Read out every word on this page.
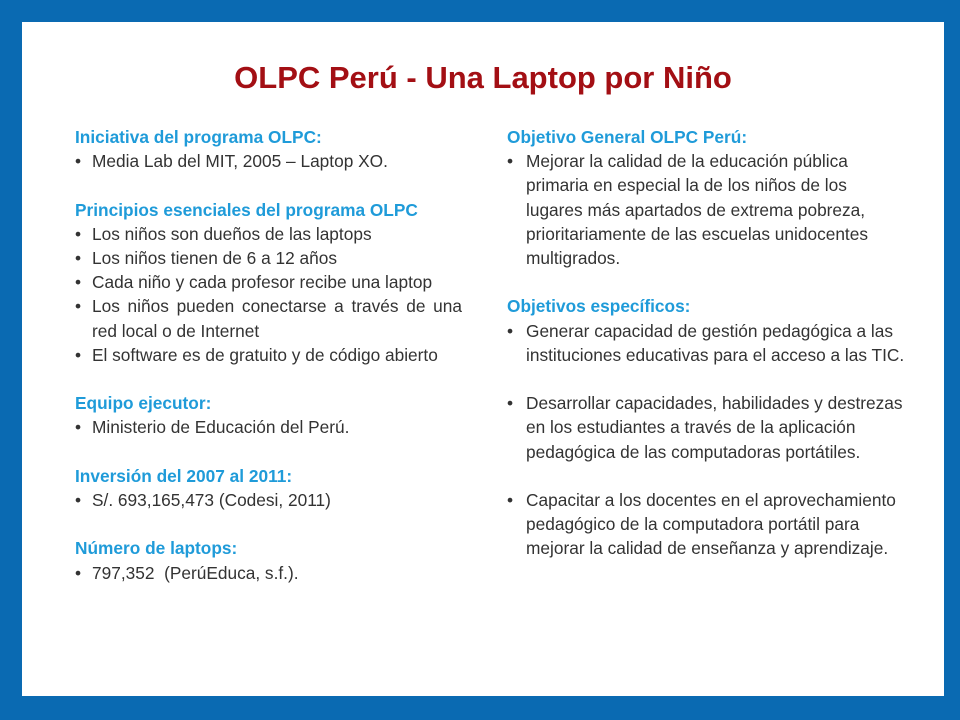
OLPC Perú - Una Laptop por Niño

Iniciativa del programa OLPC:

• Media Lab del MIT, 2005 – Laptop XO.

Principios esenciales del programa OLPC

• Los niños son dueños de las laptops
• Los niños tienen de 6 a 12 años
• Cada niño y cada profesor recibe una laptop
• Los niños pueden conectarse a través de una red local o de Internet
• El software es de gratuito y de código abierto

Equipo ejecutor:

• Ministerio de Educación del Perú.

Inversión del 2007 al 2011:

• S/. 693,165,473 (Codesi, 2011)

Número de laptops:

• 797,352  (PerúEduca, s.f.).

Objetivo General OLPC Perú:

• Mejorar la calidad de la educación pública primaria en especial la de los niños de los lugares más apartados de extrema pobreza, prioritariamente de las escuelas unidocentes multigrados.

Objetivos específicos:

• Generar capacidad de gestión pedagógica a las instituciones educativas para el acceso a las TIC.
• Desarrollar capacidades, habilidades y destrezas en los estudiantes a través de la aplicación pedagógica de las computadoras portátiles.
• Capacitar a los docentes en el aprovechamiento pedagógico de la computadora portátil para mejorar la calidad de enseñanza y aprendizaje.
